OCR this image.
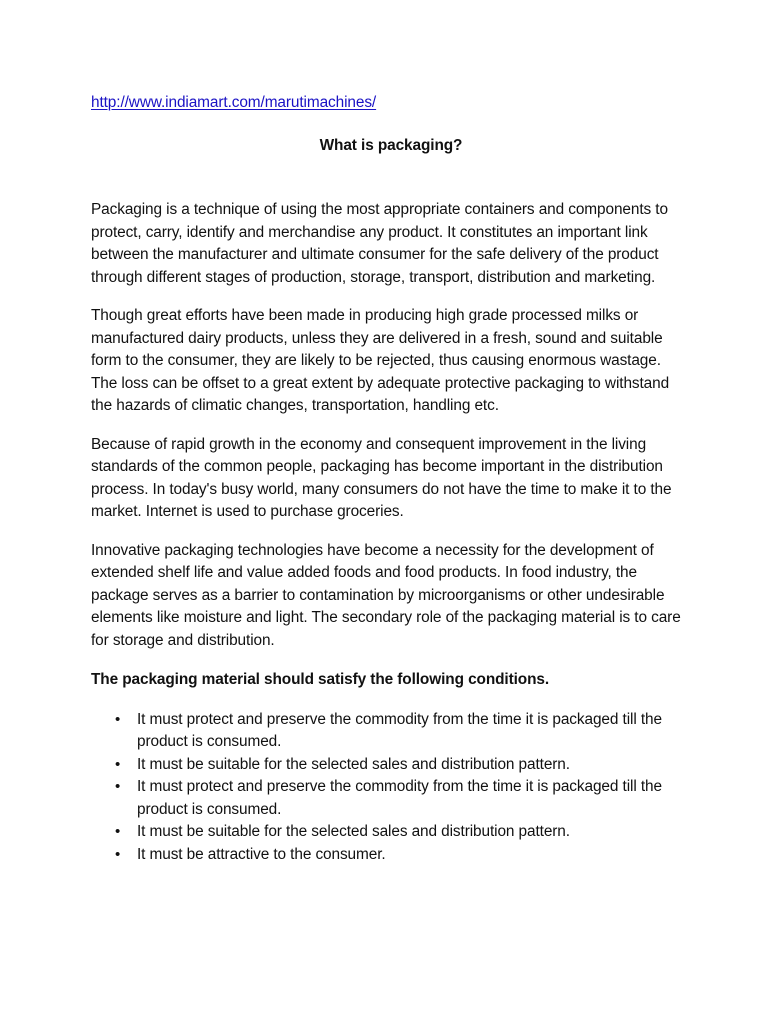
http://www.indiamart.com/marutimachines/

What is packaging?

Packaging is a technique of using the most appropriate containers and components to protect, carry, identify and merchandise any product. It constitutes an important link between the manufacturer and ultimate consumer for the safe delivery of the product through different stages of production, storage, transport, distribution and marketing.

Though great efforts have been made in producing high grade processed milks or manufactured dairy products, unless they are delivered in a fresh, sound and suitable form to the consumer, they are likely to be rejected, thus causing enormous wastage. The loss can be offset to a great extent by adequate protective packaging to withstand the hazards of climatic changes, transportation, handling etc.

Because of rapid growth in the economy and consequent improvement in the living standards of the common people, packaging has become important in the distribution process. In today's busy world, many consumers do not have the time to make it to the market. Internet is used to purchase groceries.

Innovative packaging technologies have become a necessity for the development of extended shelf life and value added foods and food products. In food industry, the package serves as a barrier to contamination by microorganisms or other undesirable elements like moisture and light. The secondary role of the packaging material is to care for storage and distribution.

The packaging material should satisfy the following conditions.

• It must protect and preserve the commodity from the time it is packaged till the product is consumed.
• It must be suitable for the selected sales and distribution pattern.
• It must protect and preserve the commodity from the time it is packaged till the product is consumed.
• It must be suitable for the selected sales and distribution pattern.
• It must be attractive to the consumer.
